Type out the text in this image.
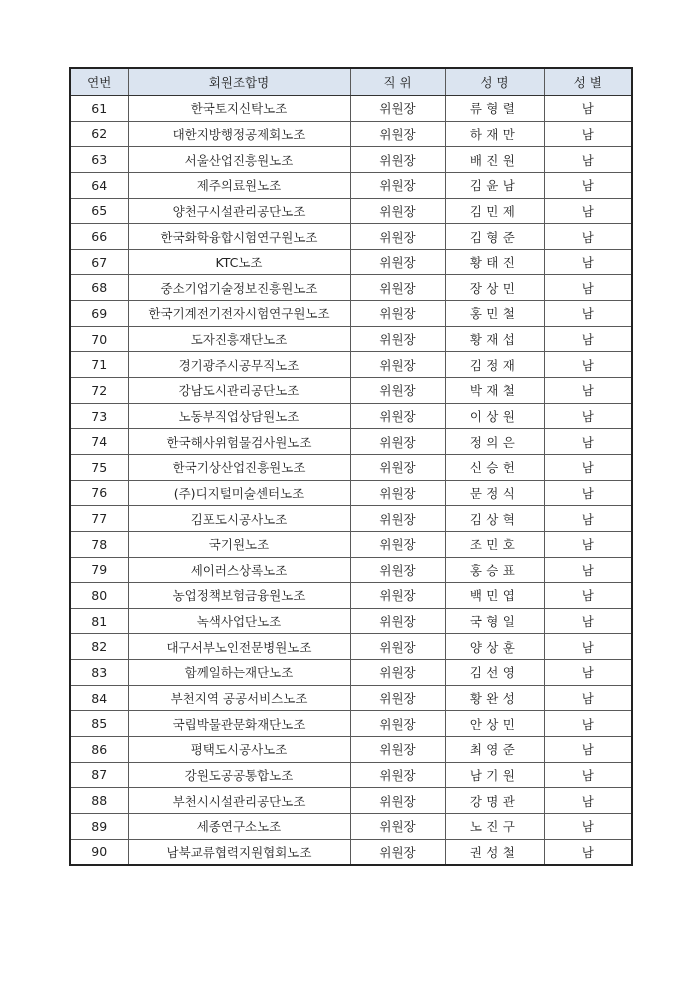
연번	회원조합명	직 위	성 명	성 별
61	한국토지신탁노조	위원장	류형렬	남
62	대한지방행정공제회노조	위원장	하재만	남
63	서울산업진흥원노조	위원장	배진원	남
64	제주의료원노조	위원장	김윤남	남
65	양천구시설관리공단노조	위원장	김민제	남
66	한국화학융합시험연구원노조	위원장	김형준	남
67	KTC노조	위원장	황태진	남
68	중소기업기술정보진흥원노조	위원장	장상민	남
69	한국기계전기전자시험연구원노조	위원장	홍민철	남
70	도자진흥재단노조	위원장	황재섭	남
71	경기광주시공무직노조	위원장	김정재	남
72	강남도시관리공단노조	위원장	박재철	남
73	노동부직업상담원노조	위원장	이상원	남
74	한국해사위험물검사원노조	위원장	정의은	남
75	한국기상산업진흥원노조	위원장	신승헌	남
76	(주)디지털미술센터노조	위원장	문정식	남
77	김포도시공사노조	위원장	김상혁	남
78	국기원노조	위원장	조민호	남
79	세이러스상록노조	위원장	홍승표	남
80	농업정책보험금융원노조	위원장	백민엽	남
81	녹색사업단노조	위원장	국형일	남
82	대구서부노인전문병원노조	위원장	양상훈	남
83	함께일하는재단노조	위원장	김선영	남
84	부천지역 공공서비스노조	위원장	황완성	남
85	국립박물관문화재단노조	위원장	안상민	남
86	평택도시공사노조	위원장	최영준	남
87	강원도공공통합노조	위원장	남기원	남
88	부천시시설관리공단노조	위원장	강명관	남
89	세종연구소노조	위원장	노진구	남
90	남북교류협력지원협회노조	위원장	권성철	남
